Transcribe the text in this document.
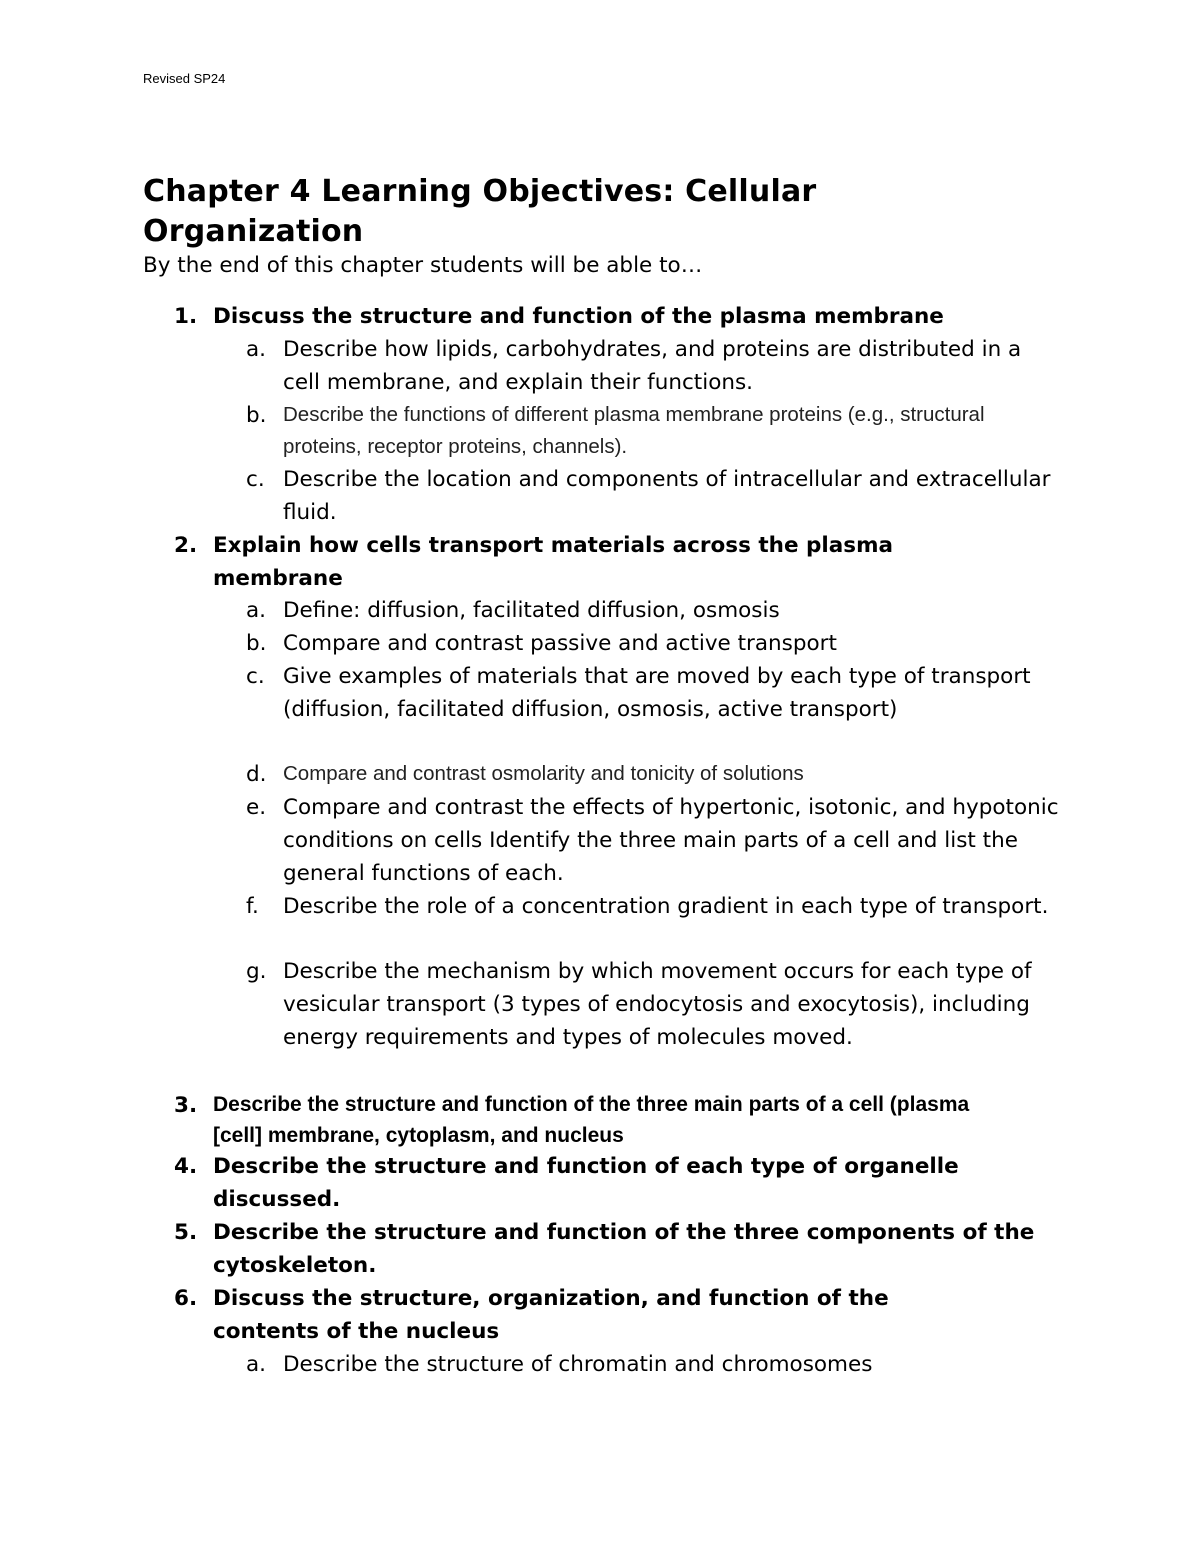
Revised SP24
Chapter 4 Learning Objectives: Cellular Organization

By the end of this chapter students will be able to…

1. Discuss the structure and function of the plasma membrane
a. Describe how lipids, carbohydrates, and proteins are distributed in a cell membrane, and explain their functions.
b. Describe the functions of different plasma membrane proteins (e.g., structural proteins, receptor proteins, channels).
c. Describe the location and components of intracellular and extracellular fluid.
2. Explain how cells transport materials across the plasma membrane
a. Define: diffusion, facilitated diffusion, osmosis
b. Compare and contrast passive and active transport
c. Give examples of materials that are moved by each type of transport (diffusion, facilitated diffusion, osmosis, active transport)
d. Compare and contrast osmolarity and tonicity of solutions
e. Compare and contrast the effects of hypertonic, isotonic, and hypotonic conditions on cells Identify the three main parts of a cell and list the general functions of each.
f.	Describe the role of a concentration gradient in each type of transport.
g. Describe the mechanism by which movement occurs for each type of vesicular transport (3 types of endocytosis and exocytosis), including energy requirements and types of molecules moved.
3. Describe the structure and function of the three main parts of a cell (plasma [cell] membrane, cytoplasm, and nucleus
4. Describe the structure and function of each type of organelle discussed.
5. Describe the structure and function of the three components of the cytoskeleton.
6. Discuss the structure, organization, and function of the contents of the nucleus
a. Describe the structure of chromatin and chromosomes
